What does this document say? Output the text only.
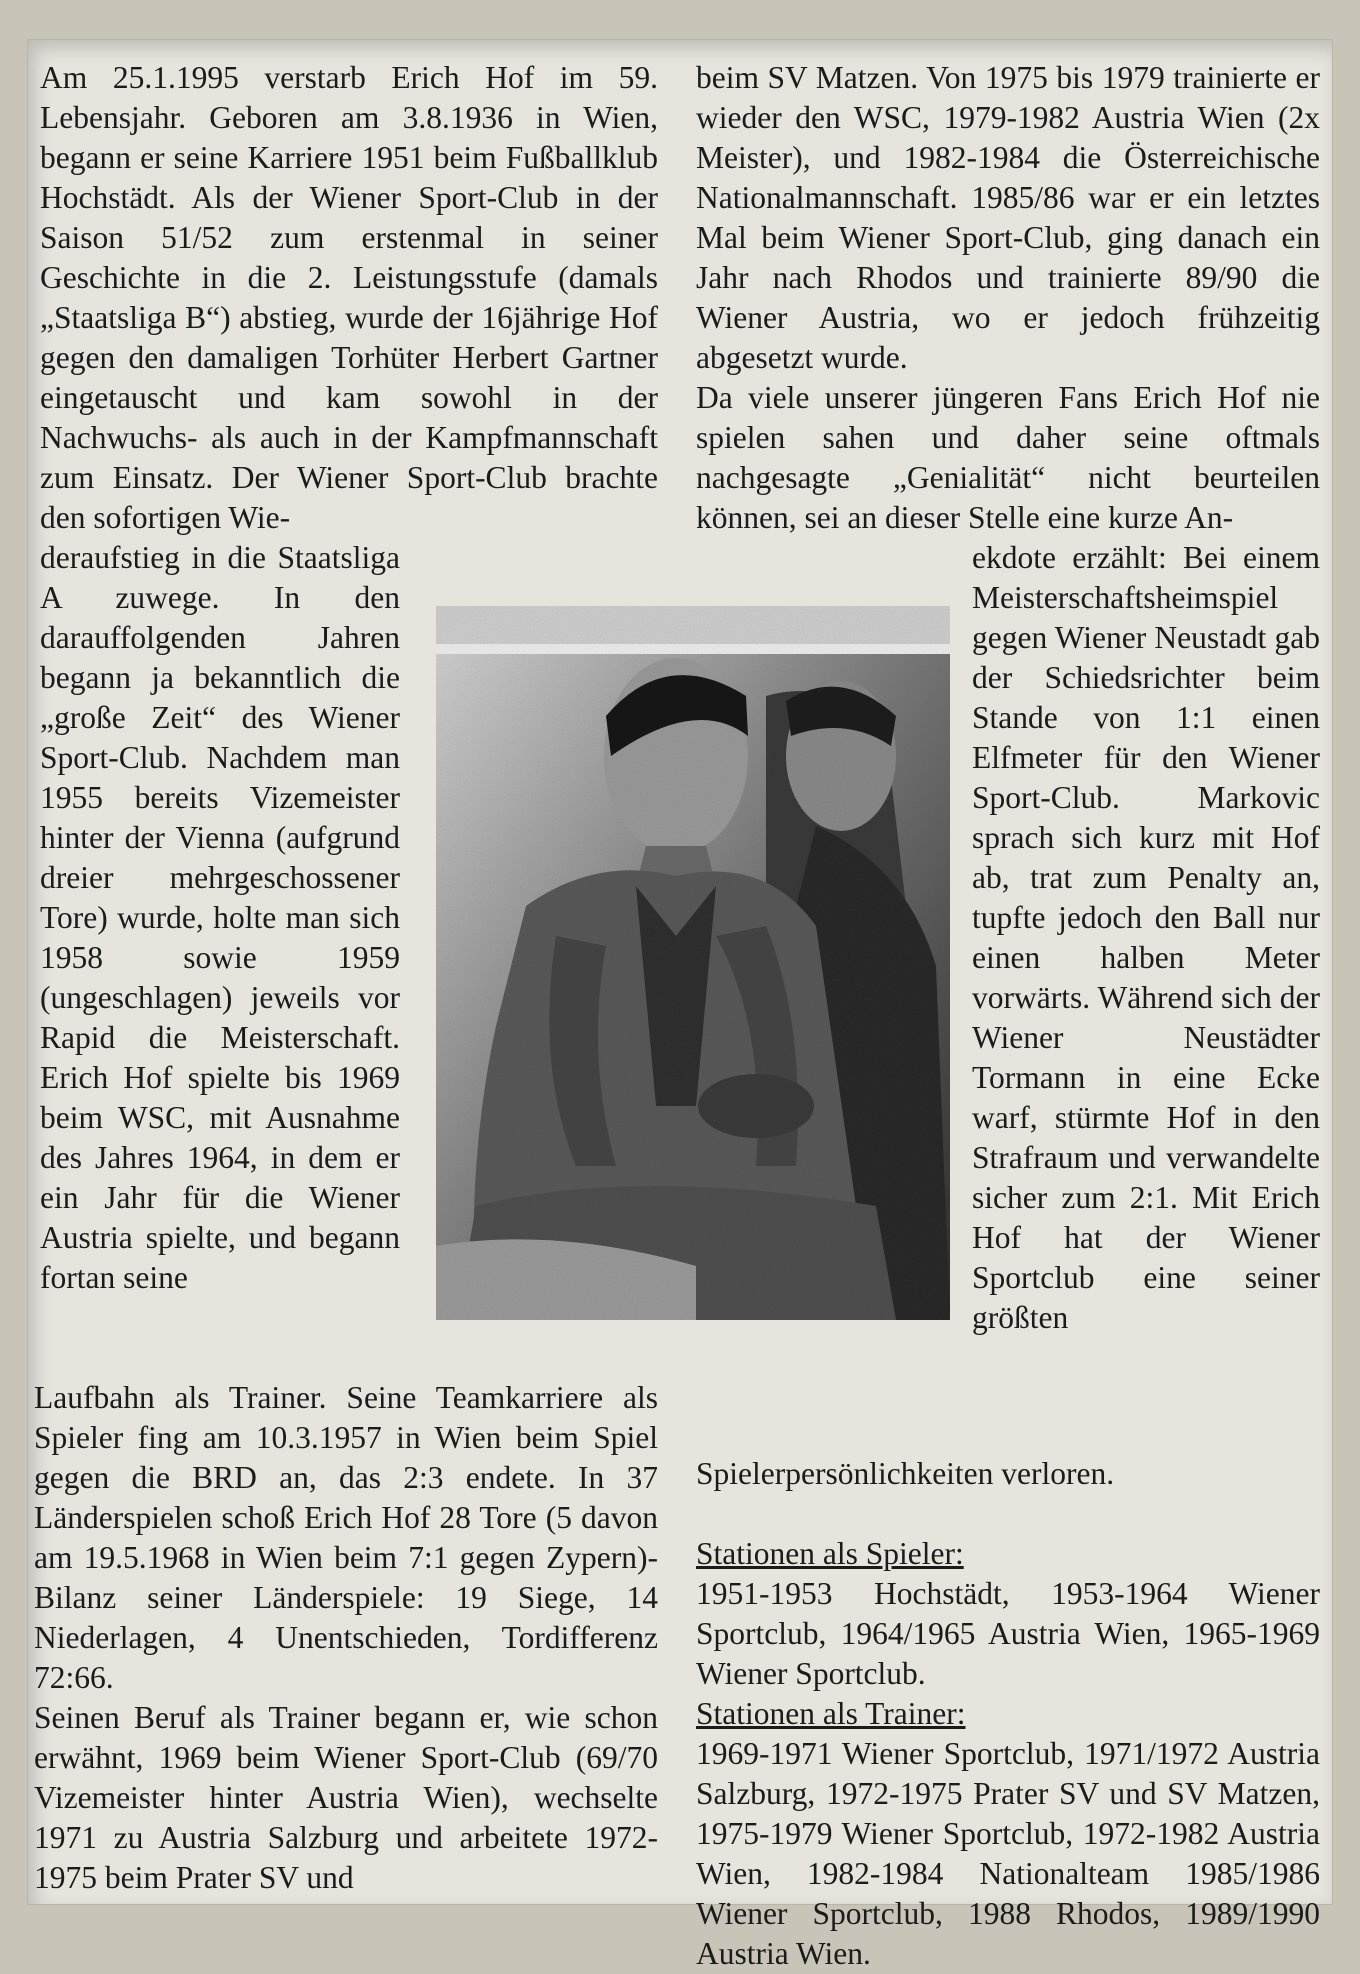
Am 25.1.1995 verstarb Erich Hof im 59. Lebensjahr. Geboren am 3.8.1936 in Wien, begann er seine Karriere 1951 beim Fußballklub Hochstädt. Als der Wiener Sport-Club in der Saison 51/52 zum erstenmal in seiner Geschichte in die 2. Leistungsstufe (damals „Staatsliga B“) abstieg, wurde der 16jährige Hof gegen den damaligen Torhüter Herbert Gartner eingetauscht und kam sowohl in der Nachwuchs- als auch in der Kampfmannschaft zum Einsatz. Der Wiener Sport-Club brachte den sofortigen Wie-
deraufstieg in die Staatsliga A zuwege. In den darauffolgenden Jahren begann ja bekanntlich die „große Zeit“ des Wiener Sport-Club. Nachdem man 1955 bereits Vizemeister hinter der Vienna (aufgrund dreier mehrgeschossener Tore) wurde, holte man sich 1958 sowie 1959 (ungeschlagen) jeweils vor Rapid die Meisterschaft. Erich Hof spielte bis 1969 beim WSC, mit Ausnahme des Jahres 1964, in dem er ein Jahr für die Wiener Austria spielte, und begann fortan seine
Laufbahn als Trainer. Seine Teamkarriere als Spieler fing am 10.3.1957 in Wien beim Spiel gegen die BRD an, das 2:3 endete. In 37 Länderspielen schoß Erich Hof 28 Tore (5 davon am 19.5.1968 in Wien beim 7:1 gegen Zypern)- Bilanz seiner Länderspiele: 19 Siege, 14 Niederlagen, 4 Unentschieden, Tordifferenz 72:66.
Seinen Beruf als Trainer begann er, wie schon erwähnt, 1969 beim Wiener Sport-Club (69/70 Vizemeister hinter Austria Wien), wechselte 1971 zu Austria Salzburg und arbeitete 1972-1975 beim Prater SV und
beim SV Matzen. Von 1975 bis 1979 trainierte er wieder den WSC, 1979-1982 Austria Wien (2x Meister), und 1982-1984 die Österreichische Nationalmannschaft. 1985/86 war er ein letztes Mal beim Wiener Sport-Club, ging danach ein Jahr nach Rhodos und trainierte 89/90 die Wiener Austria, wo er jedoch frühzeitig abgesetzt wurde.
Da viele unserer jüngeren Fans Erich Hof nie spielen sahen und daher seine oftmals nachgesagte „Genialität“ nicht beurteilen können, sei an dieser Stelle eine kurze An-
ekdote erzählt: Bei einem Meisterschaftsheimspiel gegen Wiener Neustadt gab der Schiedsrichter beim Stande von 1:1 einen Elfmeter für den Wiener Sport-Club. Markovic sprach sich kurz mit Hof ab, trat zum Penalty an, tupfte jedoch den Ball nur einen halben Meter vorwärts. Während sich der Wiener Neustädter Tormann in eine Ecke warf, stürmte Hof in den Strafraum und verwandelte sicher zum 2:1. Mit Erich Hof hat der Wiener Sportclub eine seiner größten
Spielerpersönlichkeiten verloren.

Stationen als Spieler:
1951-1953 Hochstädt, 1953-1964 Wiener Sportclub, 1964/1965 Austria Wien, 1965-1969 Wiener Sportclub.
Stationen als Trainer:
1969-1971 Wiener Sportclub, 1971/1972 Austria Salzburg, 1972-1975 Prater SV und SV Matzen, 1975-1979 Wiener Sportclub, 1972-1982 Austria Wien, 1982-1984 Nationalteam 1985/1986 Wiener Sportclub, 1988 Rhodos, 1989/1990 Austria Wien.
